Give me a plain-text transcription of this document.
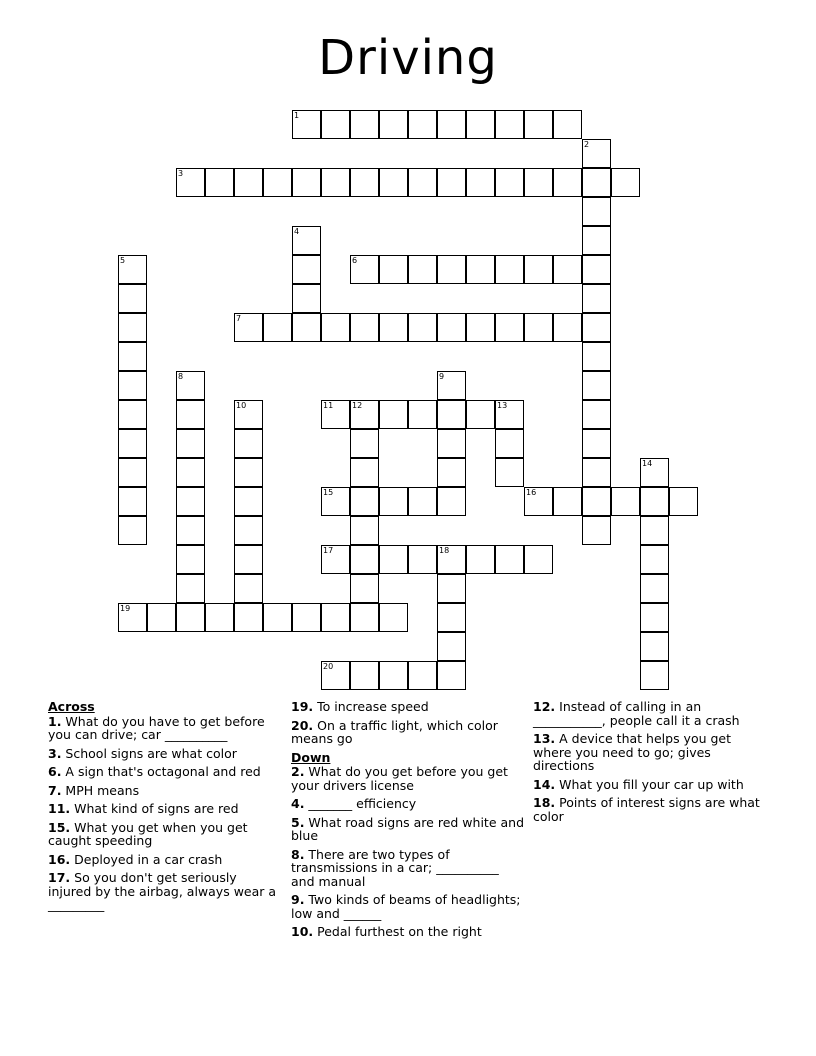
Driving
1
2
3
4
5	6
7
8	9
10	11 12	13
14
15	16
17	18
19
20
Across
1. What do you have to get before you can drive; car __________
3. School signs are what color
6. A sign that's octagonal and red
7. MPH means
11. What kind of signs are red
15. What you get when you get caught speeding
16. Deployed in a car crash
17. So you don't get seriously injured by the airbag, always wear a _________
19. To increase speed
20. On a traffic light, which color means go
Down
2. What do you get before you get your drivers license
4. _______ efficiency
5. What road signs are red white and blue
8. There are two types of transmissions in a car; __________ and manual
9. Two kinds of beams of headlights; low and ______
10. Pedal furthest on the right
12. Instead of calling in an ___________, people call it a crash
13. A device that helps you get where you need to go; gives directions
14. What you fill your car up with
18. Points of interest signs are what color
